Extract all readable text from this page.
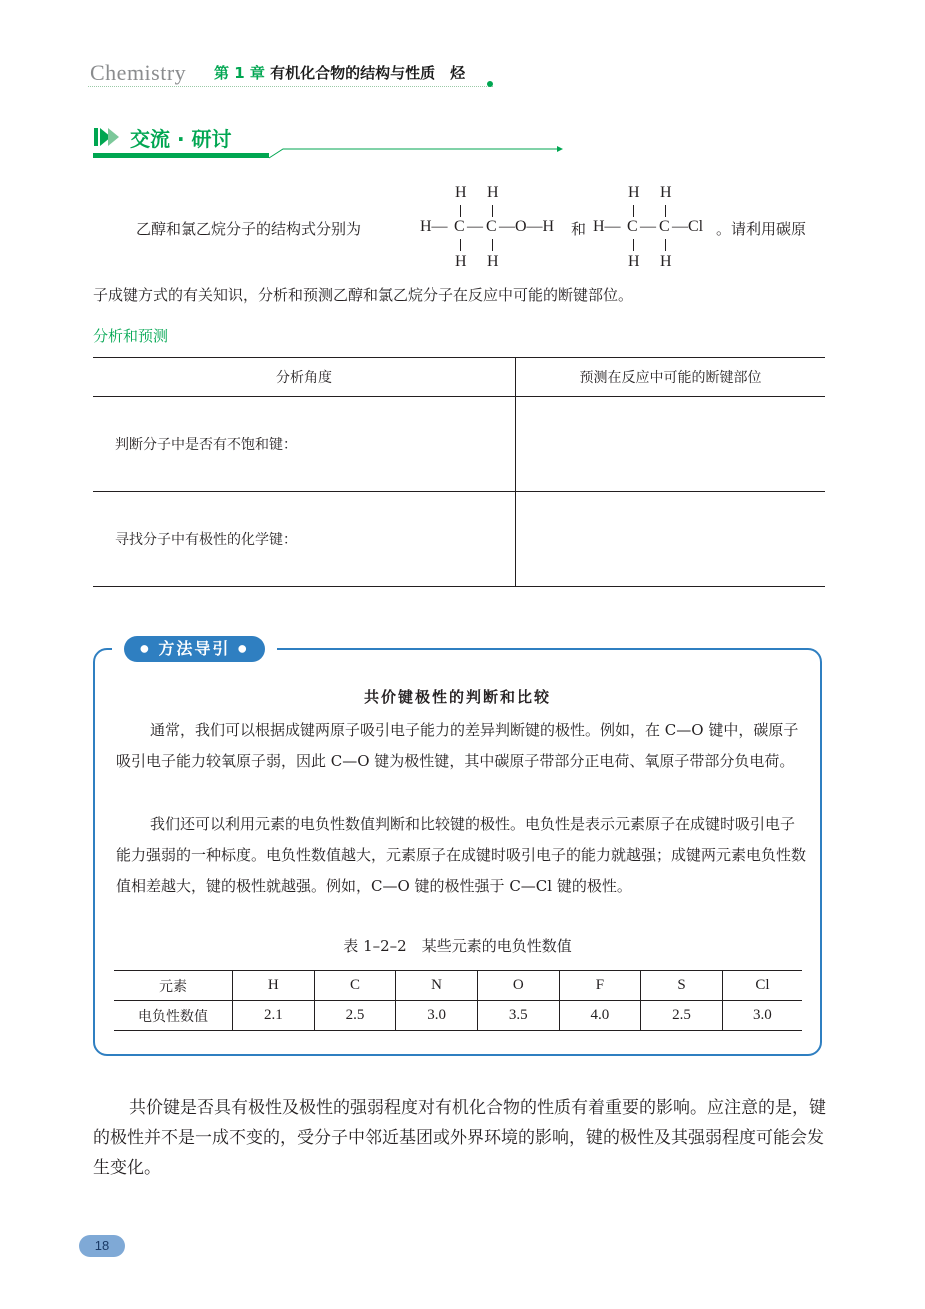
Chemistry 第 1 章 有机化合物的结构与性质　烃
交流 · 研讨
乙醇和氯乙烷分子的结构式分别为
H H
H— C — C —O—H
H H
和
H H
H— C — C —Cl
H H
。请利用碳原
子成键方式的有关知识，分析和预测乙醇和氯乙烷分子在反应中可能的断键部位。
分析和预测
分析角度	预测在反应中可能的断键部位
判断分子中是否有不饱和键：	
寻找分子中有极性的化学键：	
● 方法导引 ●
共价键极性的判断和比较
通常，我们可以根据成键两原子吸引电子能力的差异判断键的极性。例如，在 C—O 键中，碳原子吸引电子能力较氧原子弱，因此 C—O 键为极性键，其中碳原子带部分正电荷、氧原子带部分负电荷。
我们还可以利用元素的电负性数值判断和比较键的极性。电负性是表示元素原子在成键时吸引电子能力强弱的一种标度。电负性数值越大，元素原子在成键时吸引电子的能力就越强；成键两元素电负性数值相差越大，键的极性就越强。例如，C—O 键的极性强于 C—Cl 键的极性。
表 1–2–2　某些元素的电负性数值
元素	H	C	N	O	F	S	Cl
电负性数值	2.1	2.5	3.0	3.5	4.0	2.5	3.0
共价键是否具有极性及极性的强弱程度对有机化合物的性质有着重要的影响。应注意的是，键的极性并不是一成不变的，受分子中邻近基团或外界环境的影响，键的极性及其强弱程度可能会发生变化。
18
